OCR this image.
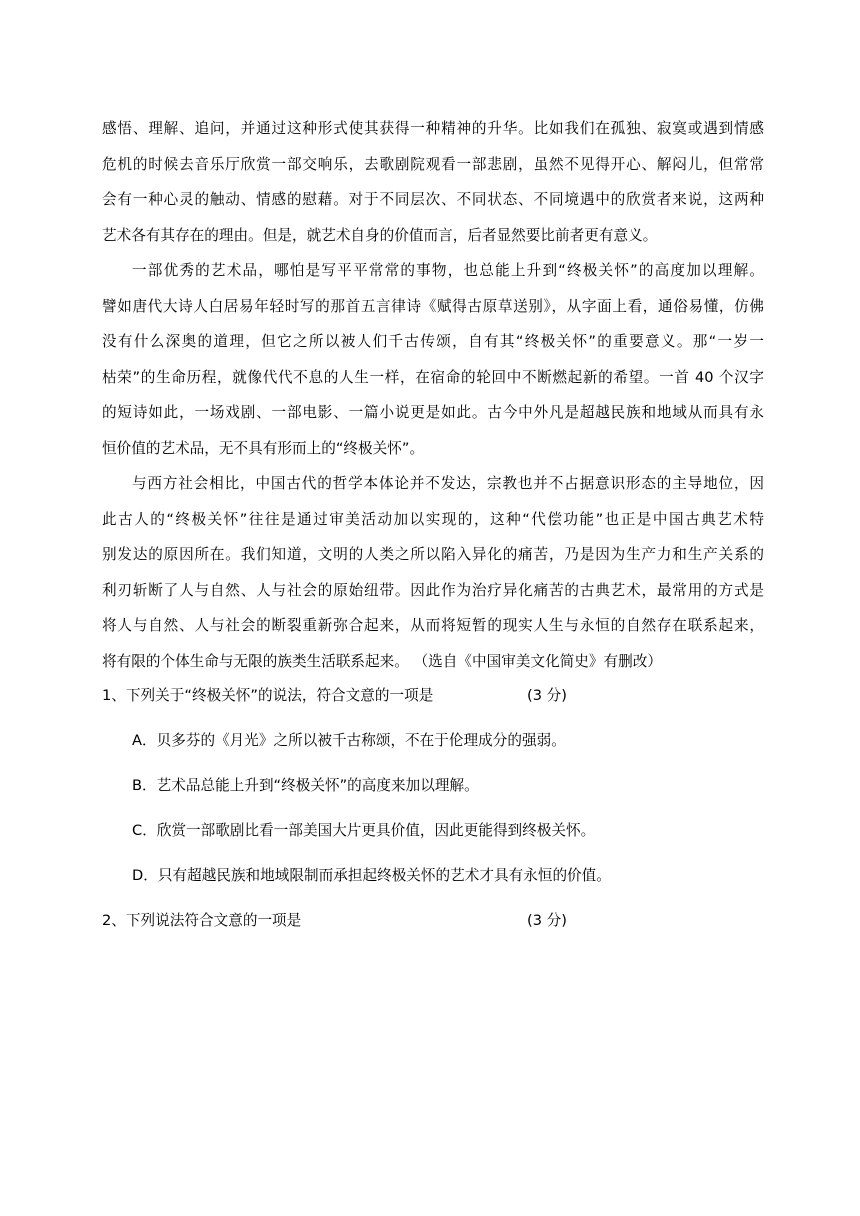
感悟、理解、追问，并通过这种形式使其获得一种精神的升华。比如我们在孤独、寂寞或遇到情感
危机的时候去音乐厅欣赏一部交响乐，去歌剧院观看一部悲剧，虽然不见得开心、解闷儿，但常常
会有一种心灵的触动、情感的慰藉。对于不同层次、不同状态、不同境遇中的欣赏者来说，这两种
艺术各有其存在的理由。但是，就艺术自身的价值而言，后者显然要比前者更有意义。
一部优秀的艺术品，哪怕是写平平常常的事物，也总能上升到“终极关怀”的高度加以理解。
譬如唐代大诗人白居易年轻时写的那首五言律诗《赋得古原草送别》，从字面上看，通俗易懂，仿佛
没有什么深奥的道理，但它之所以被人们千古传颂，自有其“终极关怀”的重要意义。那“一岁一
枯荣”的生命历程，就像代代不息的人生一样，在宿命的轮回中不断燃起新的希望。一首 40 个汉字
的短诗如此，一场戏剧、一部电影、一篇小说更是如此。古今中外凡是超越民族和地域从而具有永
恒价值的艺术品，无不具有形而上的“终极关怀”。
与西方社会相比，中国古代的哲学本体论并不发达，宗教也并不占据意识形态的主导地位，因
此古人的“终极关怀”往往是通过审美活动加以实现的，这种“代偿功能”也正是中国古典艺术特
别发达的原因所在。我们知道，文明的人类之所以陷入异化的痛苦，乃是因为生产力和生产关系的
利刃斩断了人与自然、人与社会的原始纽带。因此作为治疗异化痛苦的古典艺术，最常用的方式是
将人与自然、人与社会的断裂重新弥合起来，从而将短暂的现实人生与永恒的自然存在联系起来，
将有限的个体生命与无限的族类生活联系起来。 （选自《中国审美文化简史》有删改）
1、下列关于“终极关怀”的说法，符合文意的一项是	(3 分)
A．贝多芬的《月光》之所以被千古称颂，不在于伦理成分的强弱。
B．艺术品总能上升到“终极关怀”的高度来加以理解。
C．欣赏一部歌剧比看一部美国大片更具价值，因此更能得到终极关怀。
D．只有超越民族和地域限制而承担起终极关怀的艺术才具有永恒的价值。
2、下列说法符合文意的一项是	(3 分)
